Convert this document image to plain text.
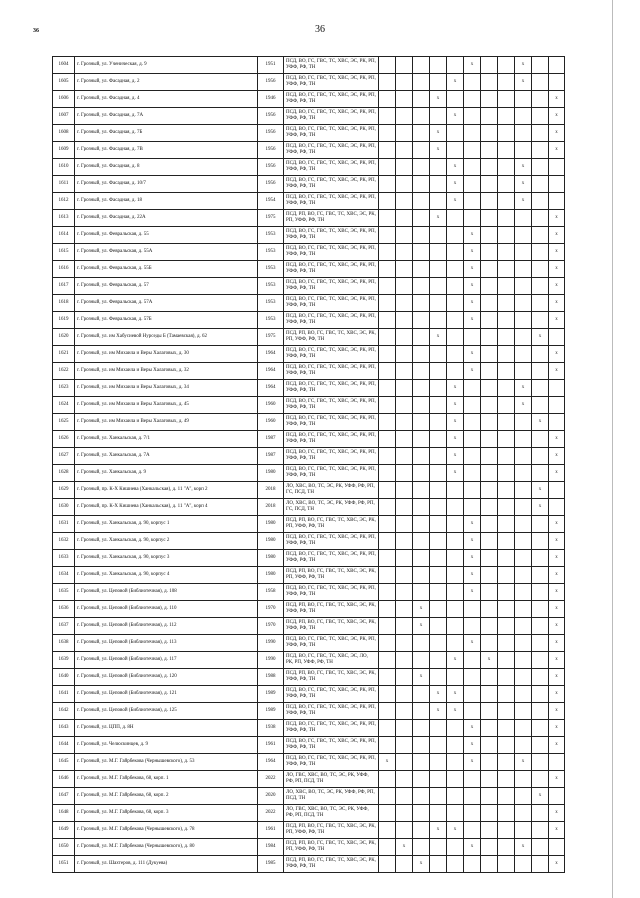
36	36
1604	г. Грозный, ул. Ученическая, д. 9	1951	ПСД, ВО, ГС, ГВС, ТС, ХВС, ЭС, РК, РП, УФФ, РФ, ТН						x			x		
1605	г. Грозный, ул. Фасадная, д. 2	1956	ПСД, ВО, ГС, ГВС, ТС, ХВС, ЭС, РК, РП, УФФ, РФ, ТН					x				x		
1606	г. Грозный, ул. Фасадная, д. 4	1946	ПСД, ВО, ГС, ГВС, ТС, ХВС, ЭС, РК, РП, УФФ, РФ, ТН				x							x
1607	г. Грозный, ул. Фасадная, д. 7А	1956	ПСД, ВО, ГС, ГВС, ТС, ХВС, ЭС, РК, РП, УФФ, РФ, ТН					x						x
1608	г. Грозный, ул. Фасадная, д. 7Б	1956	ПСД, ВО, ГС, ГВС, ТС, ХВС, ЭС, РК, РП, УФФ, РФ, ТН				x							x
1609	г. Грозный, ул. Фасадная, д. 7В	1956	ПСД, ВО, ГС, ГВС, ТС, ХВС, ЭС, РК, РП, УФФ, РФ, ТН				x							x
1610	г. Грозный, ул. Фасадная, д. 8	1956	ПСД, ВО, ГС, ГВС, ТС, ХВС, ЭС, РК, РП, УФФ, РФ, ТН					x				x		
1611	г. Грозный, ул. Фасадная, д. 10/7	1956	ПСД, ВО, ГС, ГВС, ТС, ХВС, ЭС, РК, РП, УФФ, РФ, ТН					x				x		
1612	г. Грозный, ул. Фасадная, д. 18	1954	ПСД, ВО, ГС, ГВС, ТС, ХВС, ЭС, РК, РП, УФФ, РФ, ТН					x				x		
1613	г. Грозный, ул. Фасадная, д. 22А	1975	ПСД, РП, ВО, ГС, ГВС, ТС, ХВС, ЭС, РК, РП, УФФ, РФ, ТН				x							x
1614	г. Грозный, ул. Февральская, д. 55	1953	ПСД, ВО, ГС, ГВС, ТС, ХВС, ЭС, РК, РП, УФФ, РФ, ТН						x					x
1615	г. Грозный, ул. Февральская, д. 55А	1953	ПСД, ВО, ГС, ГВС, ТС, ХВС, ЭС, РК, РП, УФФ, РФ, ТН						x					x
1616	г. Грозный, ул. Февральская, д. 55Б	1953	ПСД, ВО, ГС, ГВС, ТС, ХВС, ЭС, РК, РП, УФФ, РФ, ТН						x					x
1617	г. Грозный, ул. Февральская, д. 57	1953	ПСД, ВО, ГС, ГВС, ТС, ХВС, ЭС, РК, РП, УФФ, РФ, ТН						x					x
1618	г. Грозный, ул. Февральская, д. 57А	1953	ПСД, ВО, ГС, ГВС, ТС, ХВС, ЭС, РК, РП, УФФ, РФ, ТН						x					x
1619	г. Грозный, ул. Февральская, д. 57Б	1953	ПСД, ВО, ГС, ГВС, ТС, ХВС, ЭС, РК, РП, УФФ, РФ, ТН						x					x
1620	г. Грозный, ул. им Хабусиевой Нурседы Б (Тамаевская), д. 62	1975	ПСД, РП, ВО, ГС, ГВС, ТС, ХВС, ЭС, РК, РП, УФФ, РФ, ТН				x						x	
1621	г. Грозный, ул. им Михаила и Веры Халаговых, д. 30	1964	ПСД, ВО, ГС, ГВС, ТС, ХВС, ЭС, РК, РП, УФФ, РФ, ТН						x					x
1622	г. Грозный, ул. им Михаила и Веры Халаговых, д. 32	1964	ПСД, ВО, ГС, ГВС, ТС, ХВС, ЭС, РК, РП, УФФ, РФ, ТН						x					x
1623	г. Грозный, ул. им Михаила и Веры Халаговых, д. 34	1964	ПСД, ВО, ГС, ГВС, ТС, ХВС, ЭС, РК, РП, УФФ, РФ, ТН					x				x		
1624	г. Грозный, ул. им Михаила и Веры Халаговых, д. 45	1960	ПСД, ВО, ГС, ГВС, ТС, ХВС, ЭС, РК, РП, УФФ, РФ, ТН					x				x		
1625	г. Грозный, ул. им Михаила и Веры Халаговых, д. 49	1960	ПСД, ВО, ГС, ГВС, ТС, ХВС, ЭС, РК, РП, УФФ, РФ, ТН					x					x	
1626	г. Грозный, ул. Ханкальская, д. 7/1	1987	ПСД, ВО, ГС, ГВС, ТС, ХВС, ЭС, РК, РП, УФФ, РФ, ТН					x						x
1627	г. Грозный, ул. Ханкальская, д. 7А	1987	ПСД, ВО, ГС, ГВС, ТС, ХВС, ЭС, РК, РП, УФФ, РФ, ТН					x						x
1628	г. Грозный, ул. Ханкальская, д. 9	1980	ПСД, ВО, ГС, ГВС, ТС, ХВС, ЭС, РК, РП, УФФ, РФ, ТН					x						x
1629	г. Грозный, пр. К-Х Кишиева (Ханкальская), д. 11 "А", корп 2	2018	ЛО, ХВС, ВО, ТС, ЭС, РК, УФФ, РФ, РП, ГС, ПСД, ТН										x	
1630	г. Грозный, пр. К-Х Кишиева (Ханкальская), д. 11 "А", корп 4	2018	ЛО, ХВС, ВО, ТС, ЭС, РК, УФФ, РФ, РП, ГС, ПСД, ТН										x	
1631	г. Грозный, ул. Ханкальская, д. 90, корпус 1	1980	ПСД, РП, ВО, ГС, ГВС, ТС, ХВС, ЭС, РК, РП, УФФ, РФ, ТН						x					x
1632	г. Грозный, ул. Ханкальская, д. 90, корпус 2	1980	ПСД, ВО, ГС, ГВС, ТС, ХВС, ЭС, РК, РП, УФФ, РФ, ТН						x					x
1633	г. Грозный, ул. Ханкальская, д. 90, корпус 3	1980	ПСД, ВО, ГС, ГВС, ТС, ХВС, ЭС, РК, РП, УФФ, РФ, ТН						x					x
1634	г. Грозный, ул. Ханкальская, д. 90, корпус 4	1980	ПСД, РП, ВО, ГС, ГВС, ТС, ХВС, ЭС, РК, РП, УФФ, РФ, ТН						x					x
1635	г. Грозный, ул. Цеповой (Библиотечная), д. 108	1958	ПСД, ВО, ГС, ГВС, ТС, ХВС, ЭС, РК, РП, УФФ, РФ, ТН						x					x
1636	г. Грозный, ул. Цеповой (Библиотечная), д. 110	1970	ПСД, РП, ВО, ГС, ГВС, ТС, ХВС, ЭС, РК, УФФ, РФ, ТН			x								x
1637	г. Грозный, ул. Цеповой (Библиотечная), д. 112	1970	ПСД, РП, ВО, ГС, ГВС, ТС, ХВС, ЭС, РК, УФФ, РФ, ТН			x								x
1638	г. Грозный, ул. Цеповой (Библиотечная), д. 113	1990	ПСД, ВО, ГС, ГВС, ТС, ХВС, ЭС, РК, РП, УФФ, РФ, ТН						x					x
1639	г. Грозный, ул. Цеповой (Библиотечная), д. 117	1990	ПСД, ВО, ГС, ГВС, ТС, ХВС, ЭС, ЛО, РК, РП, УФФ, РФ, ТН					x		x				x
1640	г. Грозный, ул. Цеповой (Библиотечная), д. 120	1988	ПСД, РП, ВО, ГС, ГВС, ТС, ХВС, ЭС, РК, УФФ, РФ, ТН			x								x
1641	г. Грозный, ул. Цеповой (Библиотечная), д. 121	1989	ПСД, ВО, ГС, ГВС, ТС, ХВС, ЭС, РК, РП, УФФ, РФ, ТН				x	x						x
1642	г. Грозный, ул. Цеповой (Библиотечная), д. 125	1989	ПСД, ВО, ГС, ГВС, ТС, ХВС, ЭС, РК, РП, УФФ, РФ, ТН				x	x						x
1643	г. Грозный, ул. ЦПП, д. 8Н	1938	ПСД, ВО, ГС, ГВС, ТС, ХВС, ЭС, РК, РП, УФФ, РФ, ТН						x					x
1644	г. Грозный, ул. Челюскинцев, д. 9	1961	ПСД, ВО, ГС, ГВС, ТС, ХВС, ЭС, РК, РП, УФФ, РФ, ТН						x					x
1645	г. Грозный, ул. М.Г. Гайрбекова (Чернышевского), д. 53	1964	ПСД, ВО, ГС, ГВС, ТС, ХВС, ЭС, РК, РП, УФФ, РФ, ТН	x					x			x		
1646	г. Грозный, ул. М.Г. Гайрбекова, 68, корп. 1	2022	ЛО, ГВС, ХВС, ВО, ТС, ЭС, РК, УФФ, РФ, РП, ПСД, ТН											x
1647	г. Грозный, ул. М.Г. Гайрбекова, 68, корп. 2	2020	ЛО, ХВС, ВО, ТС, ЭС, РК, УФФ, РФ, РП, ПСД, ТН										x	
1648	г. Грозный, ул. М.Г. Гайрбекова, 68, корп. 3	2022	ЛО, ГВС, ХВС, ВО, ТС, ЭС, РК, УФФ, РФ, РП, ПСД, ТН											x
1649	г. Грозный, ул. М.Г. Гайрбекова (Чернышевского), д. 78	1961	ПСД, РП, ВО, ГС, ГВС, ТС, ХВС, ЭС, РК, РП, УФФ, РФ, ТН				x	x						x
1650	г. Грозный, ул. М.Г. Гайрбекова (Чернышевского), д. 80	1984	ПСД, РП, ВО, ГС, ГВС, ТС, ХВС, ЭС, РК, РП, УФФ, РФ, ТН		x				x			x		
1651	г. Грозный, ул. Шахтеров, д. 111 (Дукуева)	1985	ПСД, РП, ВО, ГС, ГВС, ТС, ХВС, ЭС, РК, УФФ, РФ, ТН			x								x
